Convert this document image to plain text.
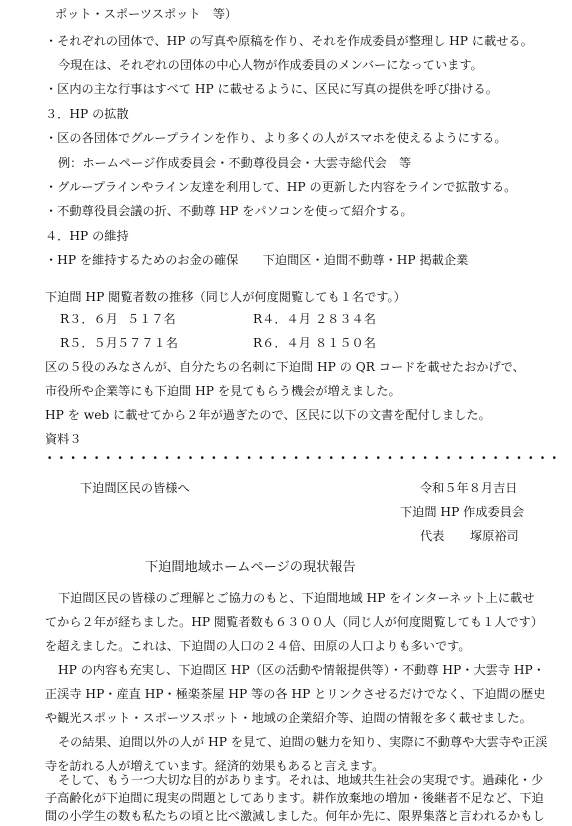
ポット・スポーツスポット　等）
・それぞれの団体で、HP の写真や原稿を作り、それを作成委員が整理し HP に載せる。
今現在は、それぞれの団体の中心人物が作成委員のメンバーになっています。
・区内の主な行事はすべて HP に載せるように、区民に写真の提供を呼び掛ける。
３．HP の拡散
・区の各団体でグループラインを作り、より多くの人がスマホを使えるようにする。
例：ホームページ作成委員会・不動尊役員会・大雲寺総代会　等
・グループラインやライン友達を利用して、HP の更新した内容をラインで拡散する。
・不動尊役員会議の折、不動尊 HP をパソコンを使って紹介する。
４．HP の維持
・HP を維持するためのお金の確保　　下迫間区・迫間不動尊・HP 掲載企業
下迫間 HP 閲覧者数の推移（同じ人が何度閲覧しても１名です。）
R３．６月 ５１７名	R４．４月 ２８３４名
R５．５月 ５７７１名	R６．４月 ８１５０名
区の５役のみなさんが、自分たちの名刺に下迫間 HP の QR コードを載せたおかげで、
市役所や企業等にも下迫間 HP を見てもらう機会が増えました。
HP を web に載せてから２年が過ぎたので、区民に以下の文書を配付しました。
資料３
・・・・・・・・・・・・・・・・・・・・・・・・・・・・・・・・・・・・・・・・・・・・
下迫間区民の皆様へ	令和５年８月吉日
下迫間 HP 作成委員会
代表 塚原裕司
下迫間地域ホームページの現状報告
下迫間区民の皆様のご理解とご協力のもと、下迫間地域 HP をインターネット上に載せ
てから２年が経ちました。HP 閲覧者数も６３００人（同じ人が何度閲覧しても１人です）
を超えました。これは、下迫間の人口の２４倍、田原の人口よりも多いです。
HP の内容も充実し、下迫間区 HP（区の活動や情報提供等）・不動尊 HP・大雲寺 HP・
正渓寺 HP・産直 HP・極楽茶屋 HP 等の各 HP とリンクさせるだけでなく、下迫間の歴史
や観光スポット・スポーツスポット・地域の企業紹介等、迫間の情報を多く載せました。
その結果、迫間以外の人が HP を見て、迫間の魅力を知り、実際に不動尊や大雲寺や正渓
寺を訪れる人が増えています。経済的効果もあると言えます。
そして、もう一つ大切な目的があります。それは、地域共生社会の実現です。過疎化・少
子高齢化が下迫間に現実の問題としてあります。耕作放棄地の増加・後継者不足など、下迫
間の小学生の数も私たちの頃と比べ激減しました。何年か先に、限界集落と言われるかもし
